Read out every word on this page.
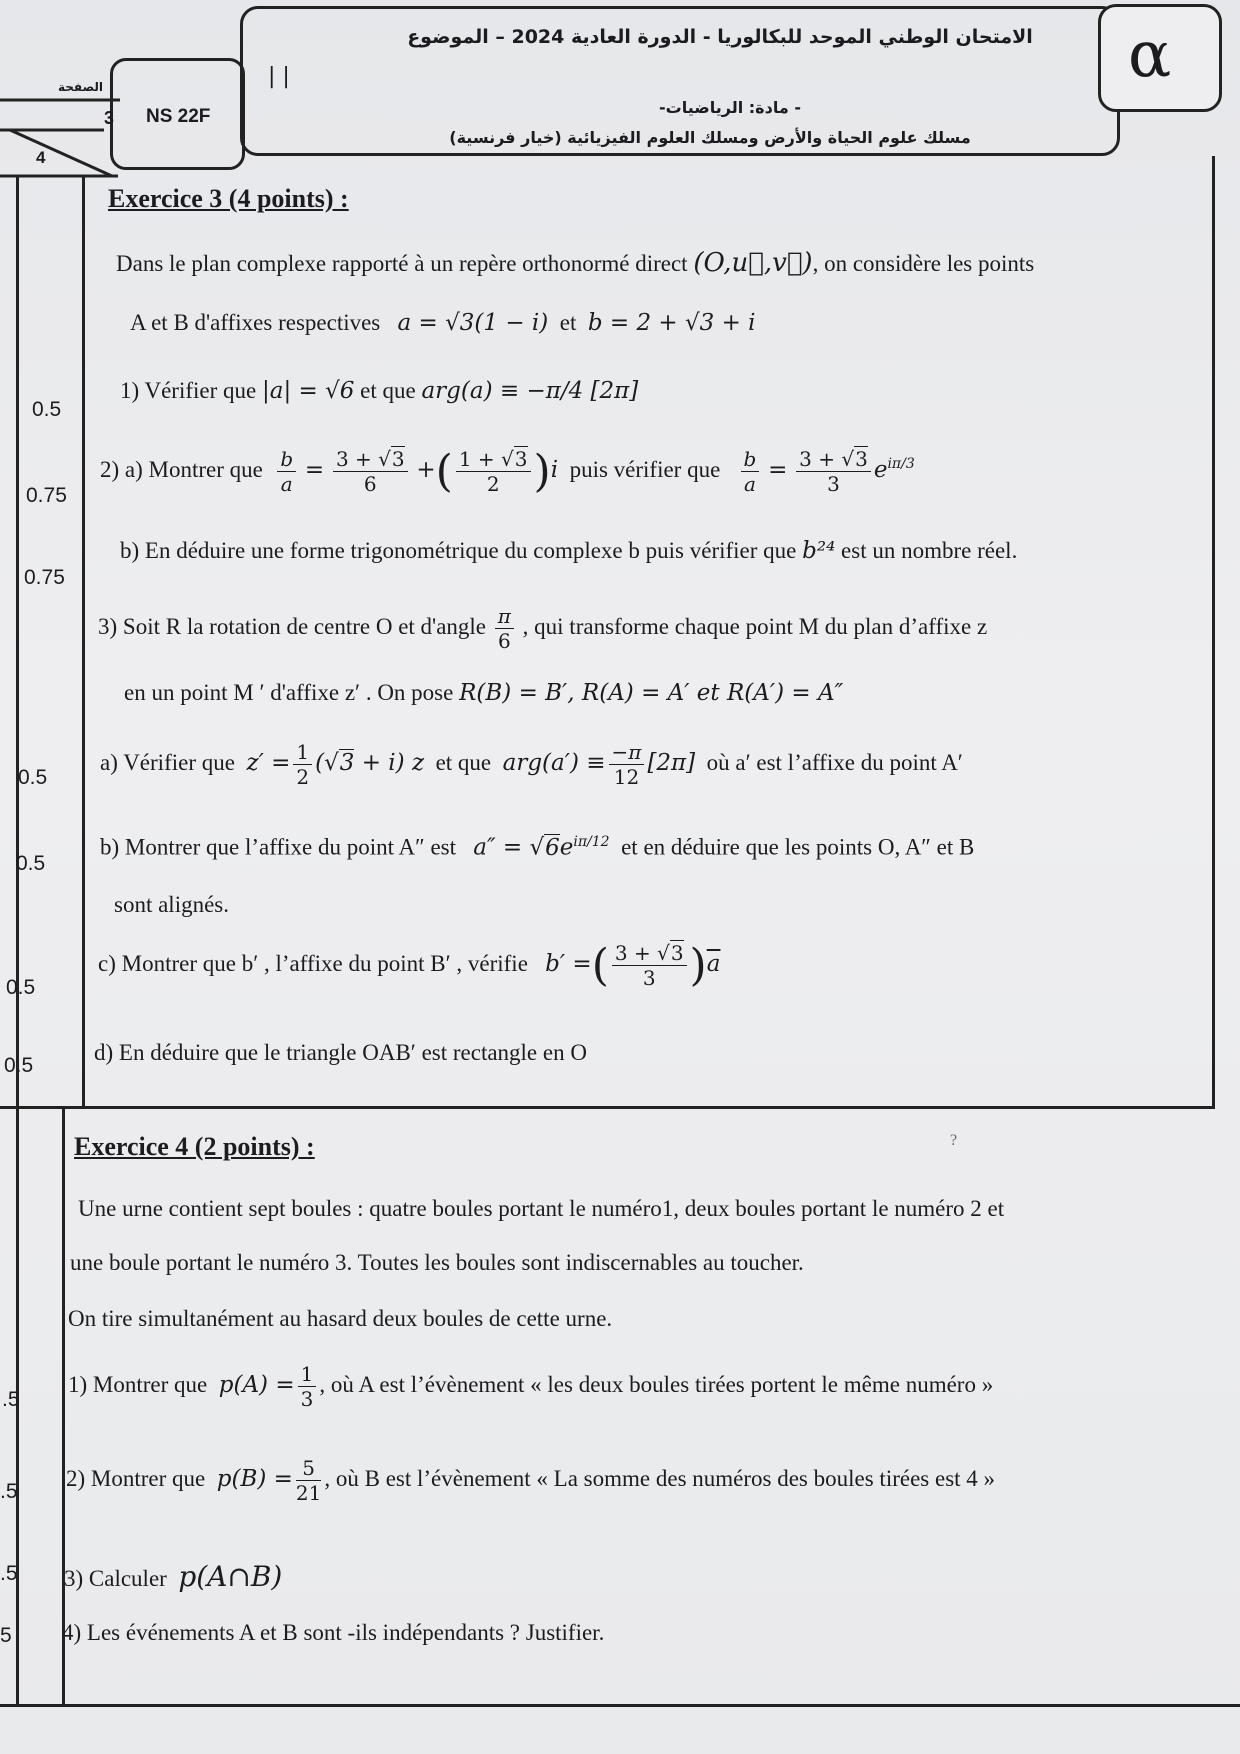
α
الصفحة
3
4
NS 22F
| |
الامتحان الوطني الموحد للبكالوريا - الدورة العادية 2024 – الموضوع
- مادة: الرياضيات-
مسلك علوم الحياة والأرض ومسلك العلوم الفيزيائية (خيار فرنسية)
Exercice 3 (4 points) :
Dans le plan complexe rapporté à un repère orthonormé direct (O,u⃗,v⃗), on considère les points
A et B d'affixes respectives a = √3(1 − i) et b = 2 + √3 + i
0.5
1) Vérifier que |a| = √6 et que arg(a) ≡ −π/4 [2π]
0.75
2) a) Montrer que $\frac{b}{a} = \frac{3 + √3}{6}$ +( $\frac{1 + √3}{2} )i$ puis vérifier que $\frac{b}{a} = \frac{3 + √3}{3} e^{i\pi/3}$
0.75
b) En déduire une forme trigonométrique du complexe b puis vérifier que b²⁴ est un nombre réel.
3) Soit R la rotation de centre O et d'angle $\frac{\pi}{6}$ , qui transforme chaque point M du plan d’affixe z
en un point M ′ d'affixe z′ . On pose R(B) = B′, R(A) = A′ et R(A′) = A″
0.5
a) Vérifier que $z' = \frac{1}{2} (√3 + i)$ z et que $arg(a') \equiv \frac{-\pi}{12} [2\pi]$ où a′ est l’affixe du point A′
0.5
b) Montrer que l’affixe du point A″ est $a'' = √6e^{i\pi/12}$ et en déduire que les points O, A″ et B
sont alignés.
0.5
c) Montrer que b′ , l’affixe du point B′ , vérifie b′ =( $\frac{3 + √3}{3} )\overline{a}$
0.5
d) En déduire que le triangle OAB′ est rectangle en O
Exercice 4 (2 points) :	?
Une urne contient sept boules : quatre boules portant le numéro1, deux boules portant le numéro 2 et
une boule portant le numéro 3. Toutes les boules sont indiscernables au toucher.
On tire simultanément au hasard deux boules de cette urne.
.5
1) Montrer que $p(A) = \frac{1}{3}$ , où A est l’évènement « les deux boules tirées portent le même numéro »
.5
2) Montrer que $p(B) = \frac{5}{21}$ , où B est l’évènement « La somme des numéros des boules tirées est 4 »
.5 3) Calculer p(A∩B)
5 4) Les événements A et B sont -ils indépendants ? Justifier.
